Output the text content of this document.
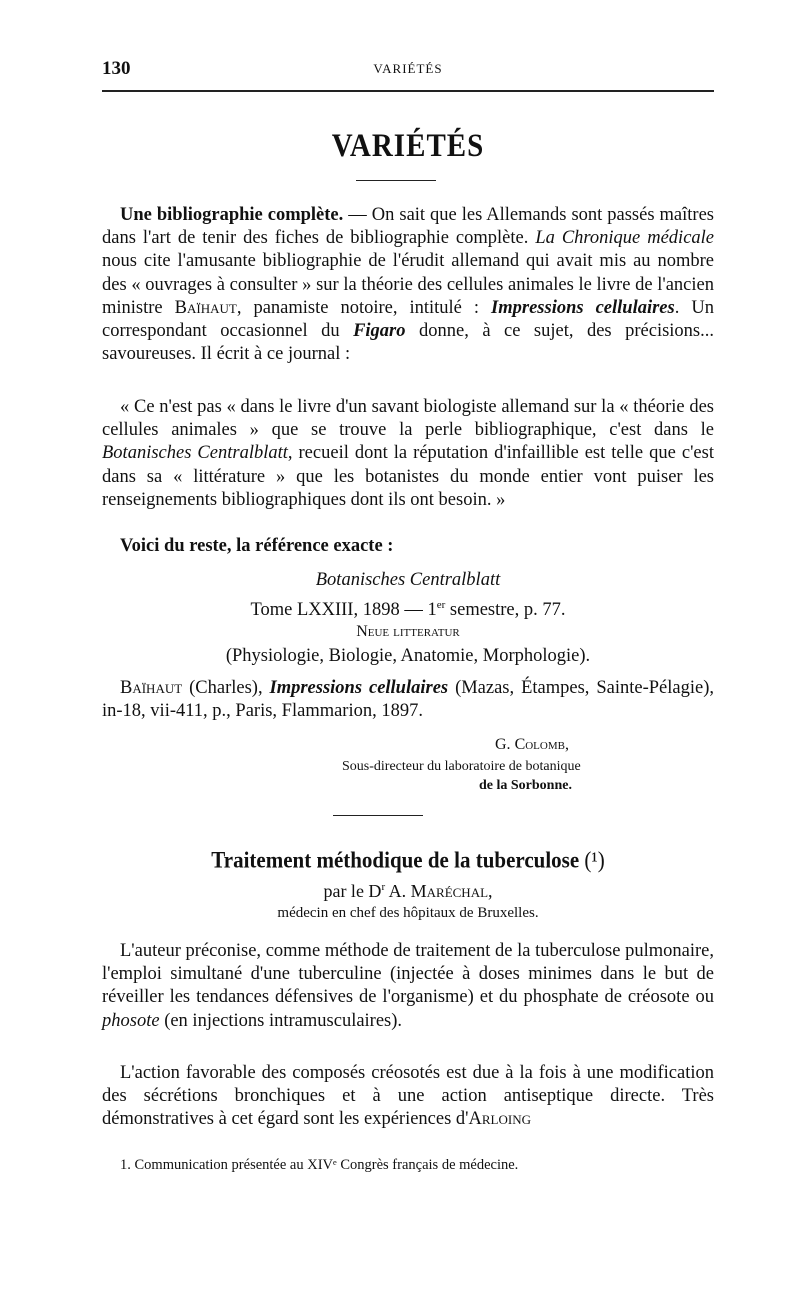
130	VARIÉTÉS
VARIÉTÉS

Une bibliographie complète. — On sait que les Allemands sont passés maîtres dans l'art de tenir des fiches de bibliographie complète. La Chronique médicale nous cite l'amusante bibliographie de l'érudit allemand qui avait mis au nombre des « ouvrages à consulter » sur la théorie des cellules animales le livre de l'ancien ministre Baïhaut, panamiste notoire, intitulé : Impressions cellulaires. Un correspondant occasionnel du Figaro donne, à ce sujet, des précisions... savoureuses. Il écrit à ce journal :

« Ce n'est pas « dans le livre d'un savant biologiste allemand sur la « théorie des cellules animales » que se trouve la perle bibliographique, c'est dans le Botanisches Centralblatt, recueil dont la réputation d'infaillible est telle que c'est dans sa « littérature » que les botanistes du monde entier vont puiser les renseignements bibliographiques dont ils ont besoin. »

Voici du reste, la référence exacte :

Botanisches Centralblatt
Tome LXXIII, 1898 — 1er semestre, p. 77.
Neue litteratur
(Physiologie, Biologie, Anatomie, Morphologie).

Baïhaut (Charles), Impressions cellulaires (Mazas, Étampes, Sainte-Pélagie), in-18, vii-411, p., Paris, Flammarion, 1897.

G. Colomb,
Sous-directeur du laboratoire de botanique
de la Sorbonne.
Traitement méthodique de la tuberculose (¹)
par le $D^r$ A. Maréchal,
médecin en chef des hôpitaux de Bruxelles.

L'auteur préconise, comme méthode de traitement de la tuberculose pulmonaire, l'emploi simultané d'une tuberculine (injectée à doses minimes dans le but de réveiller les tendances défensives de l'organisme) et du phosphate de créosote ou phosote (en injections intramusculaires).

L'action favorable des composés créosotés est due à la fois à une modification des sécrétions bronchiques et à une action antiseptique directe. Très démonstratives à cet égard sont les expériences d'Arloing

1. Communication présentée au XIVᵉ Congrès français de médecine.
